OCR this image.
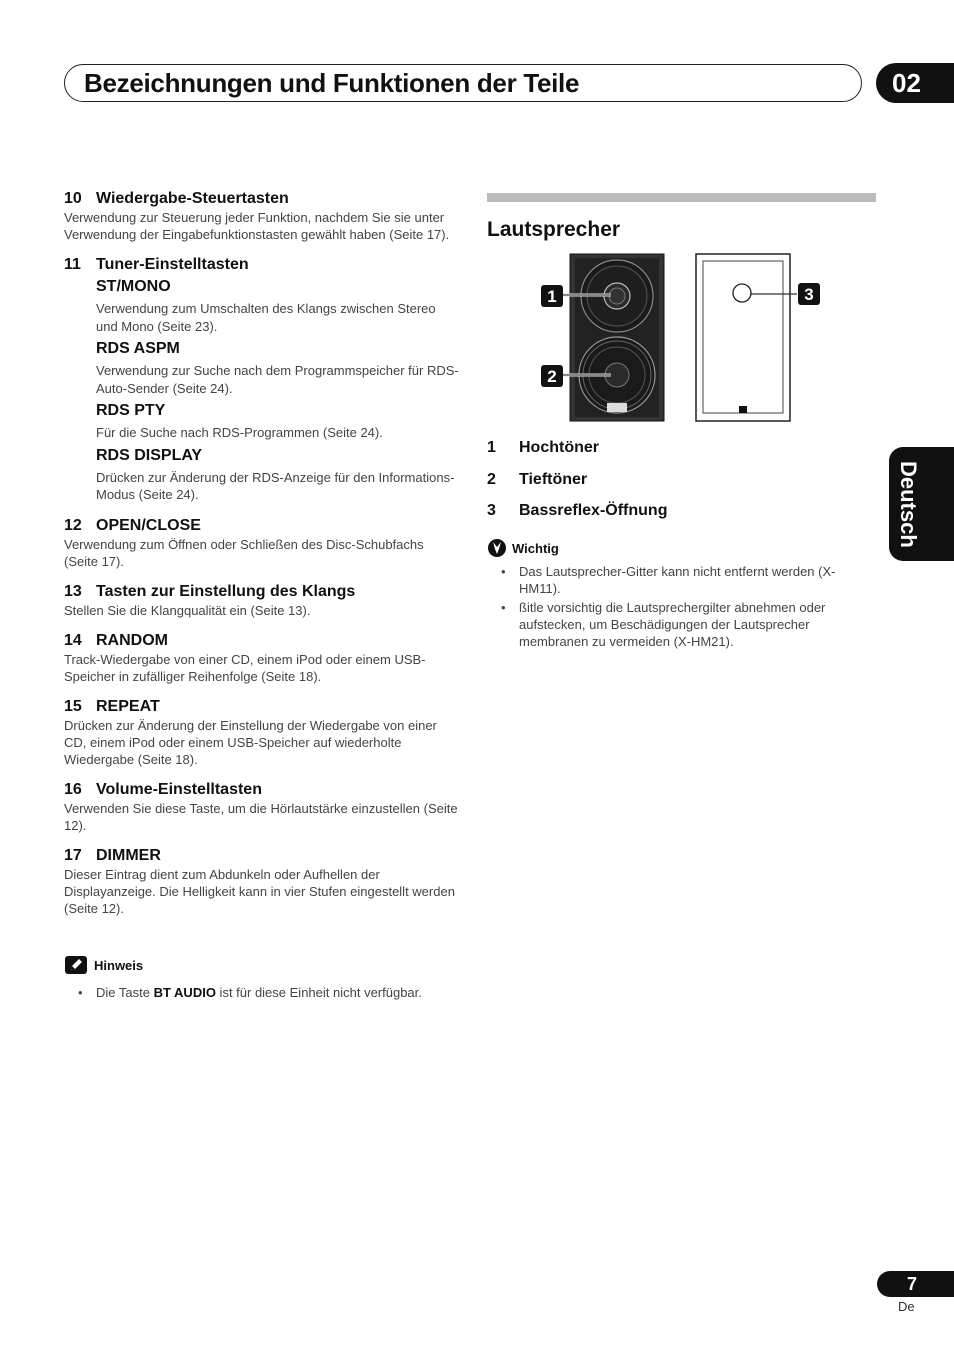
Bezeichnungen und Funktionen der Teile	02
Deutsch
10 Wiedergabe-Steuertasten
Verwendung zur Steuerung jeder Funktion, nachdem Sie sie unter Verwendung der Eingabefunktionstasten gewählt haben (Seite 17).
11 Tuner-Einstelltasten
ST/MONO
Verwendung zum Umschalten des Klangs zwischen Stereo und Mono (Seite 23).
RDS ASPM
Verwendung zur Suche nach dem Programmspeicher für RDS-Auto-Sender (Seite 24).
RDS PTY
Für die Suche nach RDS-Programmen (Seite 24).
RDS DISPLAY
Drücken zur Änderung der RDS-Anzeige für den Informations-Modus (Seite 24).
12 OPEN/CLOSE
Verwendung zum Öffnen oder Schließen des Disc-Schubfachs (Seite 17).
13 Tasten zur Einstellung des Klangs
Stellen Sie die Klangqualität ein (Seite 13).
14 RANDOM
Track-Wiedergabe von einer CD, einem iPod oder einem USB-Speicher in zufälliger Reihenfolge (Seite 18).
15 REPEAT
Drücken zur Änderung der Einstellung der Wiedergabe von einer CD, einem iPod oder einem USB-Speicher auf wiederholte Wiedergabe (Seite 18).
16 Volume-Einstelltasten
Verwenden Sie diese Taste, um die Hörlautstärke einzustellen (Seite 12).
17 DIMMER
Dieser Eintrag dient zum Abdunkeln oder Aufhellen der Displayanzeige. Die Helligkeit kann in vier Stufen eingestellt werden (Seite 12).
Hinweis
•	Die Taste BT AUDIO ist für diese Einheit nicht verfügbar.
Lautsprecher
1
2
3
1	Hochtöner
2	Tieftöner
3	Bassreflex-Öffnung
Wichtig
•	Das Lautsprecher-Gitter kann nicht entfernt werden (X-HM11).
•	ßitle vorsichtig die Lautsprechergilter abnehmen oder aufstecken, um Beschädigungen der Lautsprecher membranen zu vermeiden (X-HM21).
7
De
